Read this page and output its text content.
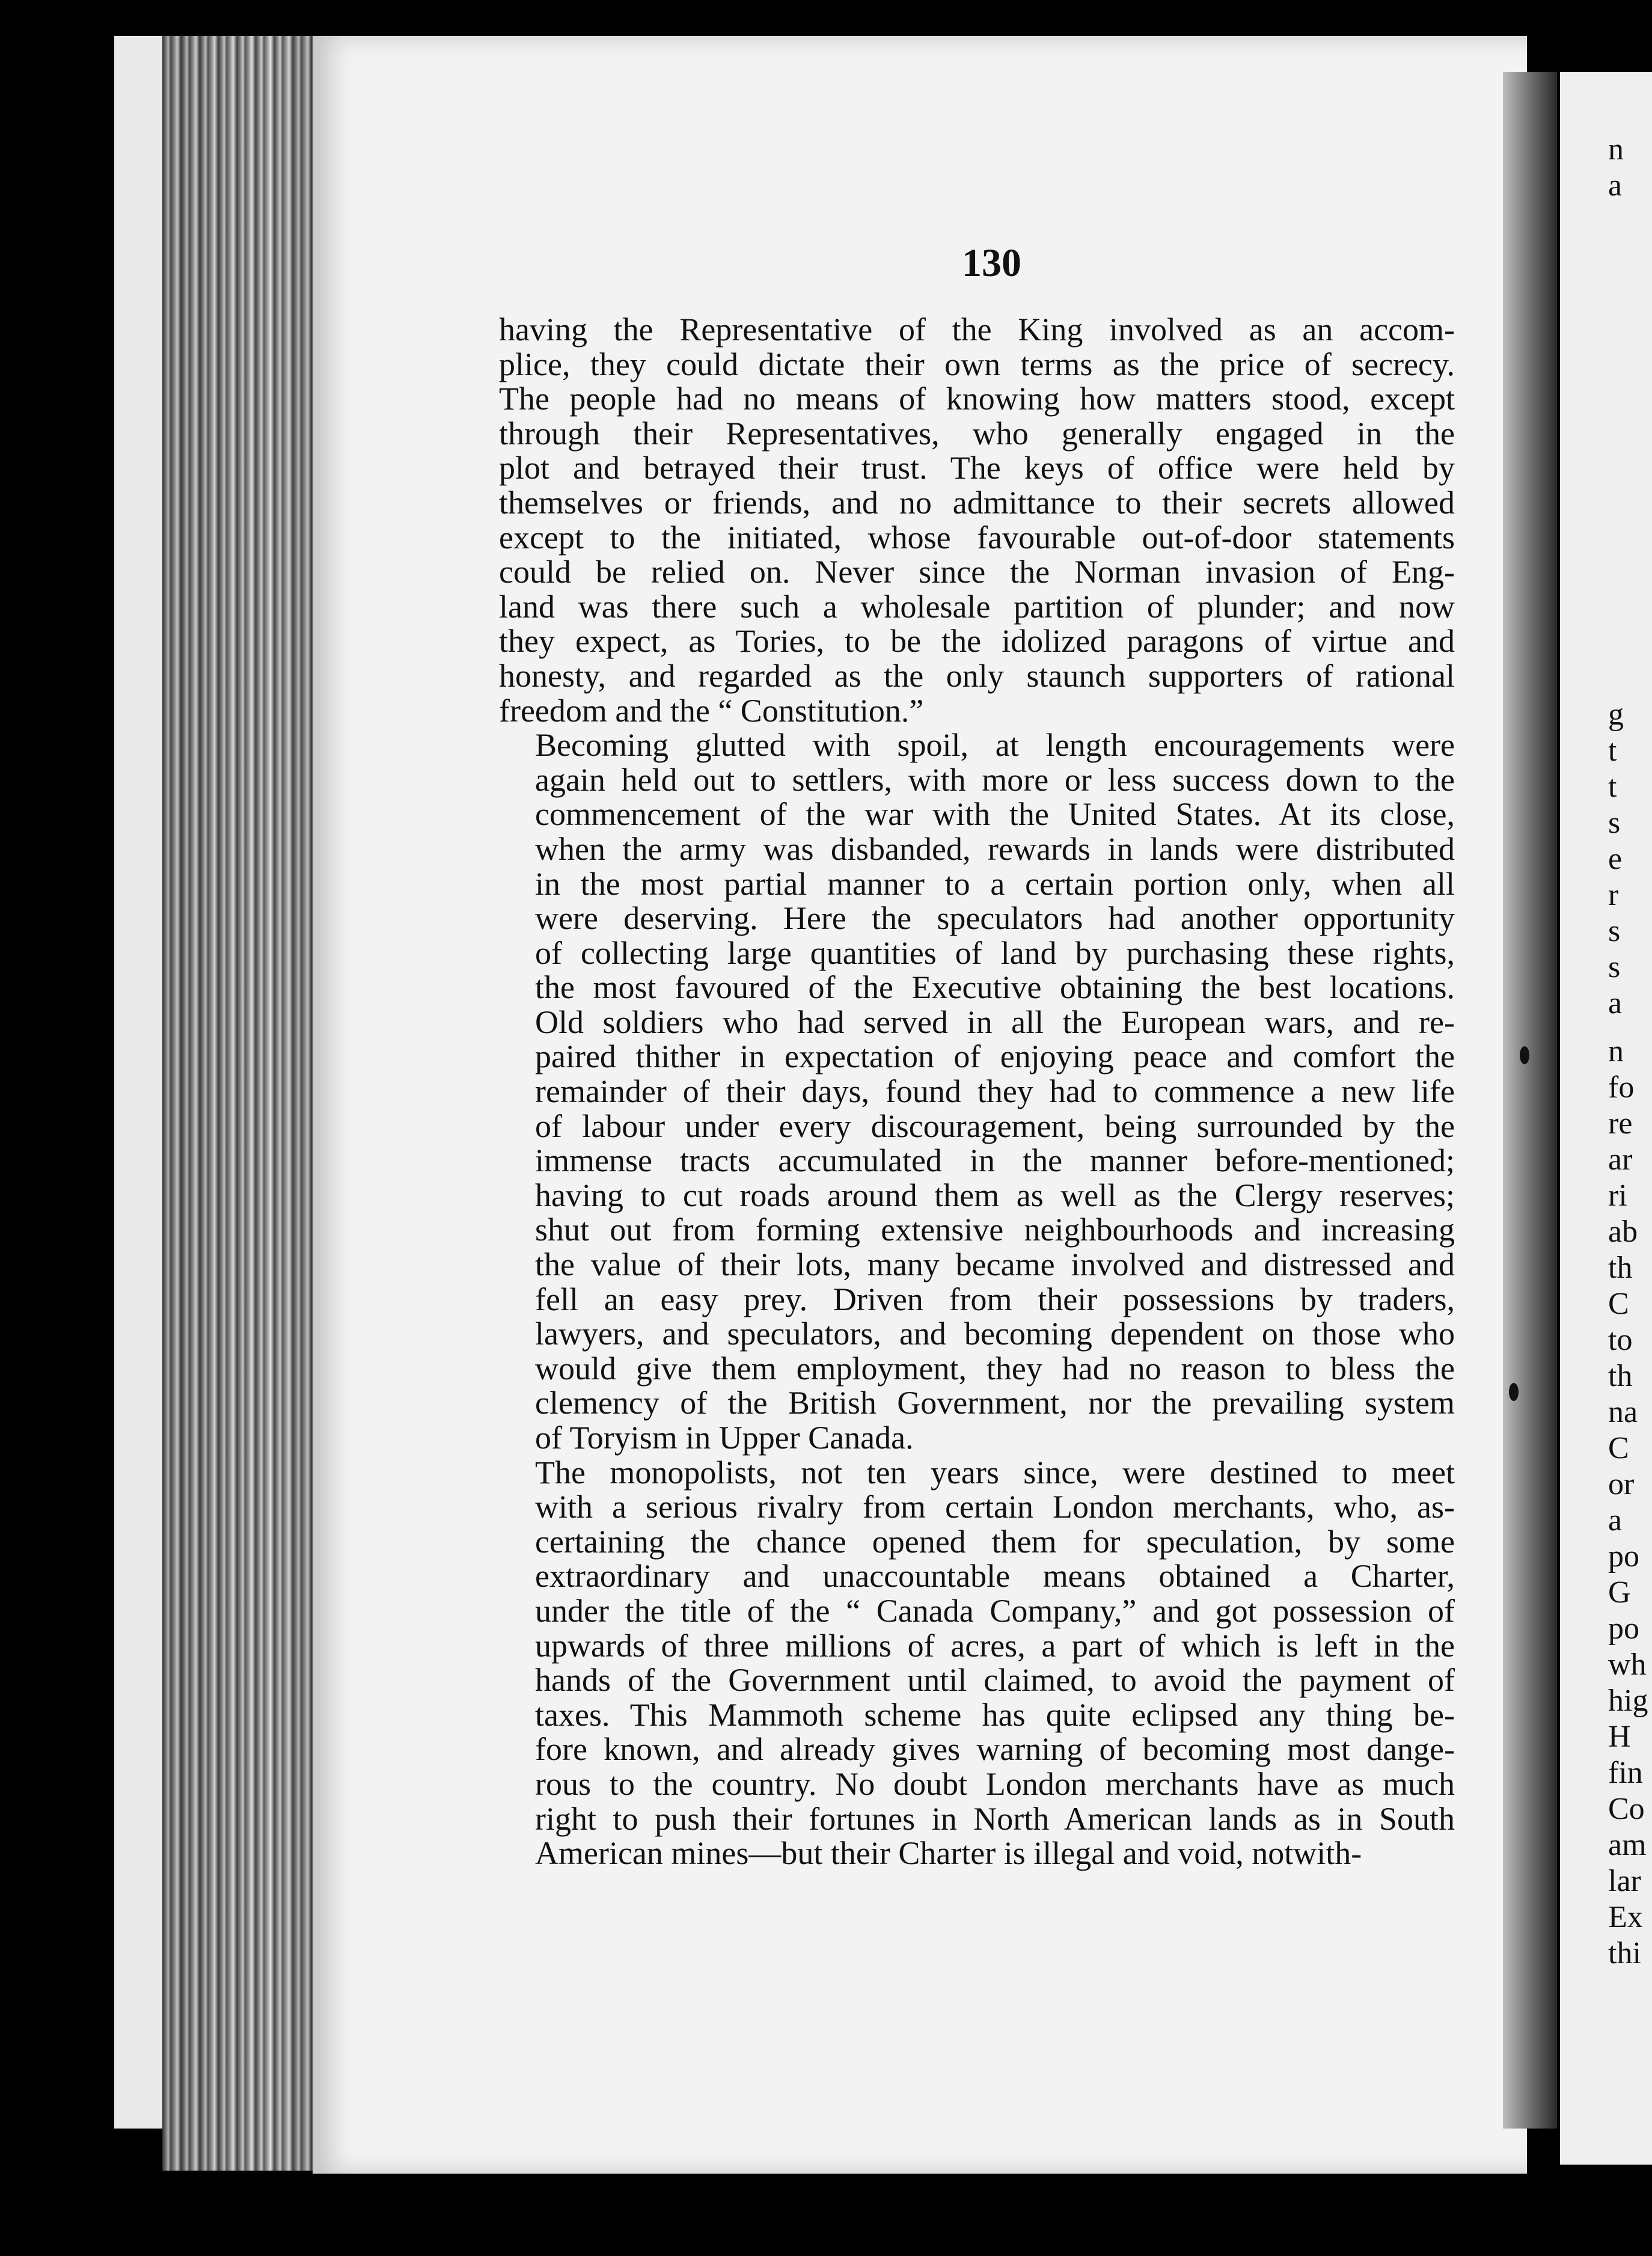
n
a
g
t
t
s
e
r
s
s
a
n
fo
re
ar
ri
ab
th
C
to
th
na
C
or
a
po
G
po
wh
hig
H
fin
Co
am
lar
Ex
thi
130

having the Representative of the King involved as an accom-
plice, they could dictate their own terms as the price of secrecy.
The people had no means of knowing how matters stood, except
through their Representatives, who generally engaged in the
plot and betrayed their trust. The keys of office were held by
themselves or friends, and no admittance to their secrets allowed
except to the initiated, whose favourable out-of-door statements
could be relied on. Never since the Norman invasion of Eng-
land was there such a wholesale partition of plunder; and now
they expect, as Tories, to be the idolized paragons of virtue and
honesty, and regarded as the only staunch supporters of rational
freedom and the “ Constitution.”

Becoming glutted with spoil, at length encouragements were
again held out to settlers, with more or less success down to the
commencement of the war with the United States. At its close,
when the army was disbanded, rewards in lands were distributed
in the most partial manner to a certain portion only, when all
were deserving. Here the speculators had another opportunity
of collecting large quantities of land by purchasing these rights,
the most favoured of the Executive obtaining the best locations.
Old soldiers who had served in all the European wars, and re-
paired thither in expectation of enjoying peace and comfort the
remainder of their days, found they had to commence a new life
of labour under every discouragement, being surrounded by the
immense tracts accumulated in the manner before-mentioned;
having to cut roads around them as well as the Clergy reserves;
shut out from forming extensive neighbourhoods and increasing
the value of their lots, many became involved and distressed and
fell an easy prey. Driven from their possessions by traders,
lawyers, and speculators, and becoming dependent on those who
would give them employment, they had no reason to bless the
clemency of the British Government, nor the prevailing system
of Toryism in Upper Canada.

The monopolists, not ten years since, were destined to meet
with a serious rivalry from certain London merchants, who, as-
certaining the chance opened them for speculation, by some
extraordinary and unaccountable means obtained a Charter,
under the title of the “ Canada Company,” and got possession of
upwards of three millions of acres, a part of which is left in the
hands of the Government until claimed, to avoid the payment of
taxes. This Mammoth scheme has quite eclipsed any thing be-
fore known, and already gives warning of becoming most dange-
rous to the country. No doubt London merchants have as much
right to push their fortunes in North American lands as in South
American mines—but their Charter is illegal and void, notwith-
